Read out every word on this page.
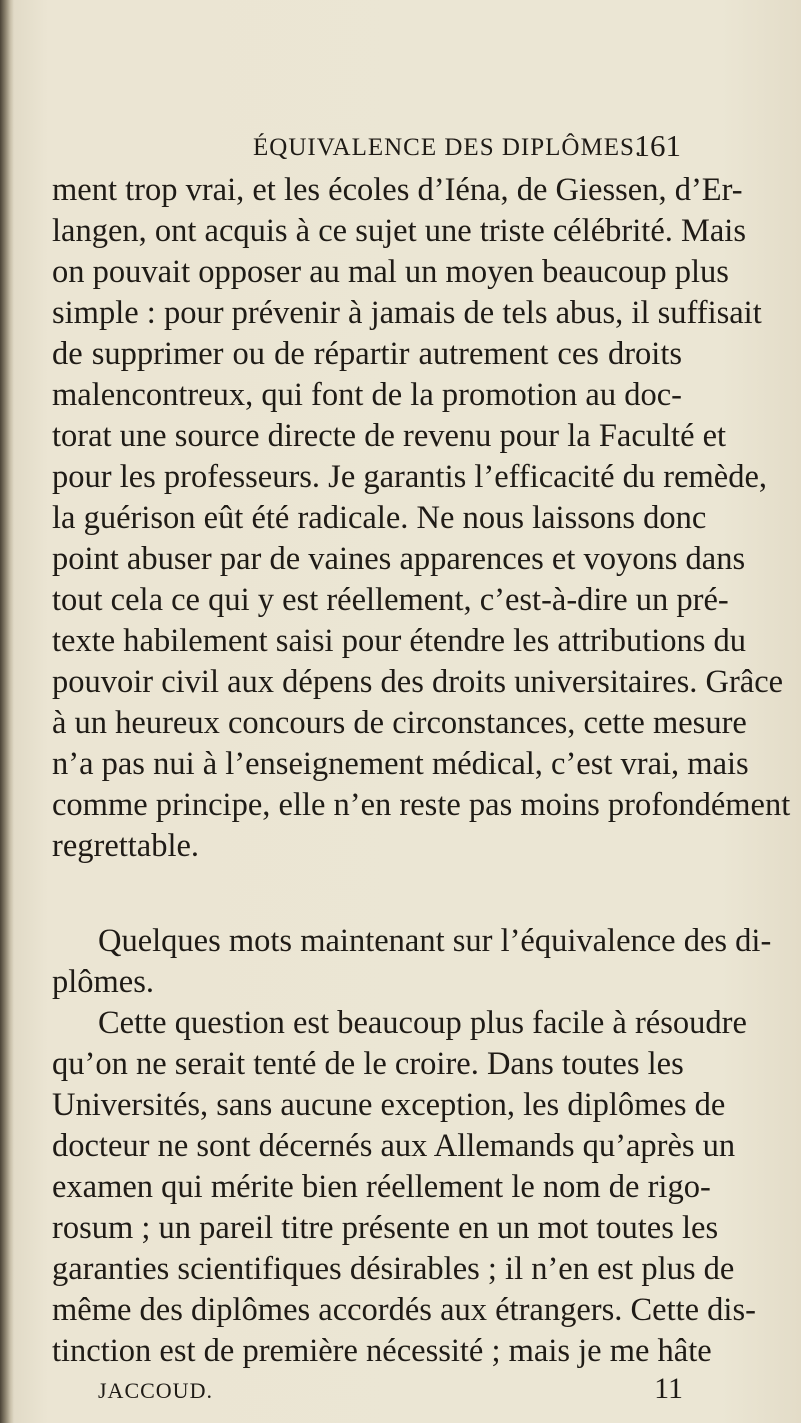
ÉQUIVALENCE DES DIPLÔMES.
161
ment trop vrai, et les écoles d’Iéna, de Giessen, d’Er-
langen, ont acquis à ce sujet une triste célébrité. Mais
on pouvait opposer au mal un moyen beaucoup plus
simple : pour prévenir à jamais de tels abus, il suffisait
de supprimer ou de répartir autrement ces droits
malencontreux, qui font de la promotion au doc-
torat une source directe de revenu pour la Faculté et
pour les professeurs. Je garantis l’efficacité du remède,
la guérison eût été radicale. Ne nous laissons donc
point abuser par de vaines apparences et voyons dans
tout cela ce qui y est réellement, c’est-à-dire un pré-
texte habilement saisi pour étendre les attributions du
pouvoir civil aux dépens des droits universitaires. Grâce
à un heureux concours de circonstances, cette mesure
n’a pas nui à l’enseignement médical, c’est vrai, mais
comme principe, elle n’en reste pas moins profondément
regrettable.
Quelques mots maintenant sur l’équivalence des di-
plômes.
Cette question est beaucoup plus facile à résoudre
qu’on ne serait tenté de le croire. Dans toutes les
Universités, sans aucune exception, les diplômes de
docteur ne sont décernés aux Allemands qu’après un
examen qui mérite bien réellement le nom de rigo-
rosum ; un pareil titre présente en un mot toutes les
garanties scientifiques désirables ; il n’en est plus de
même des diplômes accordés aux étrangers. Cette dis-
tinction est de première nécessité ; mais je me hâte
JACCOUD.	11
